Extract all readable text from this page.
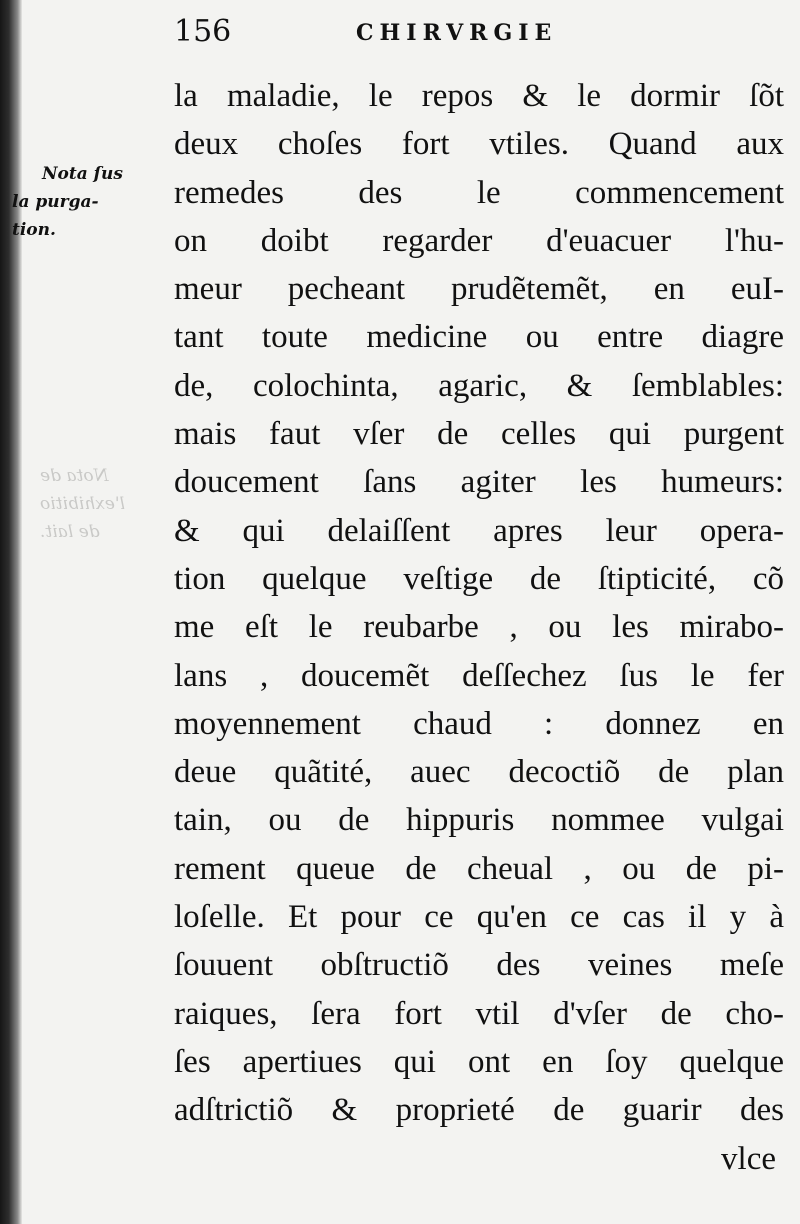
Nota de
l'exhibitio
de lait.
156	CHIRVRGIE
Nota ſus
la purga-
tion.
la maladie, le repos & le dormir ſõt
deux choſes fort vtiles. Quand aux
remedes des le commencement
on doibt regarder d'euacuer l'hu-
meur pecheant prudẽtemẽt, en euI-
tant toute medicine ou entre diagre
de, colochinta, agaric, & ſemblables:
mais faut vſer de celles qui purgent
doucement ſans agiter les humeurs:
& qui delaiſſent apres leur opera-
tion quelque veſtige de ſtipticité, cõ
me eſt le reubarbe , ou les mirabo-
lans , doucemẽt deſſechez ſus le fer
moyennement chaud : donnez en
deue quãtité, auec decoctiõ de plan
tain, ou de hippuris nommee vulgai
rement queue de cheual , ou de pi-
loſelle. Et pour ce qu'en ce cas il y à
ſouuent obſtructiõ des veines meſe
raiques, ſera fort vtil d'vſer de cho-
ſes apertiues qui ont en ſoy quelque
adſtrictiõ & proprieté de guarir des
vlce
